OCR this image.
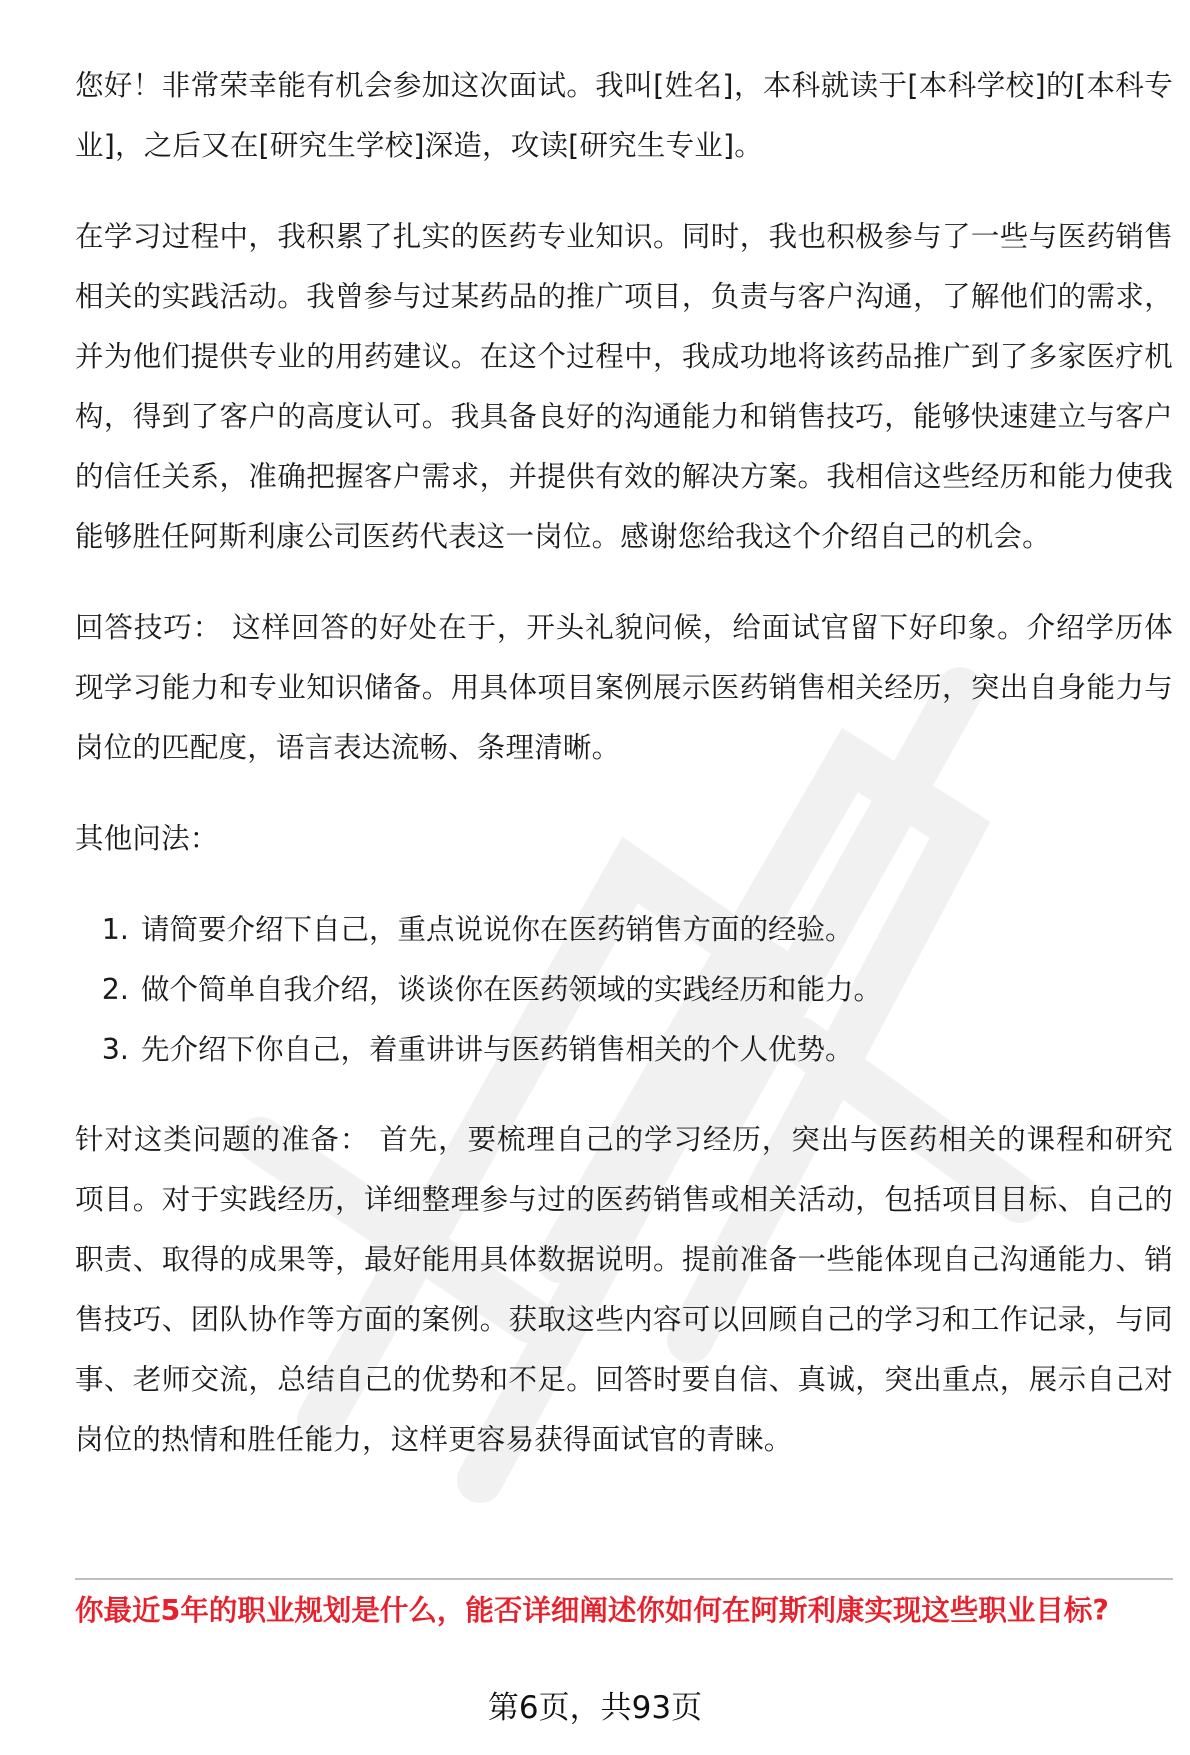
您好！非常荣幸能有机会参加这次面试。我叫[姓名]，本科就读于[本科学校]的[本科专业]，之后又在[研究生学校]深造，攻读[研究生专业]。

在学习过程中，我积累了扎实的医药专业知识。同时，我也积极参与了一些与医药销售相关的实践活动。我曾参与过某药品的推广项目，负责与客户沟通，了解他们的需求，并为他们提供专业的用药建议。在这个过程中，我成功地将该药品推广到了多家医疗机构，得到了客户的高度认可。我具备良好的沟通能力和销售技巧，能够快速建立与客户的信任关系，准确把握客户需求，并提供有效的解决方案。我相信这些经历和能力使我能够胜任阿斯利康公司医药代表这一岗位。感谢您给我这个介绍自己的机会。

回答技巧： 这样回答的好处在于，开头礼貌问候，给面试官留下好印象。介绍学历体现学习能力和专业知识储备。用具体项目案例展示医药销售相关经历，突出自身能力与岗位的匹配度，语言表达流畅、条理清晰。

其他问法：

1. 请简要介绍下自己，重点说说你在医药销售方面的经验。
2. 做个简单自我介绍，谈谈你在医药领域的实践经历和能力。
3. 先介绍下你自己，着重讲讲与医药销售相关的个人优势。

针对这类问题的准备： 首先，要梳理自己的学习经历，突出与医药相关的课程和研究项目。对于实践经历，详细整理参与过的医药销售或相关活动，包括项目目标、自己的职责、取得的成果等，最好能用具体数据说明。提前准备一些能体现自己沟通能力、销售技巧、团队协作等方面的案例。获取这些内容可以回顾自己的学习和工作记录，与同事、老师交流，总结自己的优势和不足。回答时要自信、真诚，突出重点，展示自己对岗位的热情和胜任能力，这样更容易获得面试官的青睐。

你最近5年的职业规划是什么，能否详细阐述你如何在阿斯利康实现这些职业目标?
第6页，共93页
